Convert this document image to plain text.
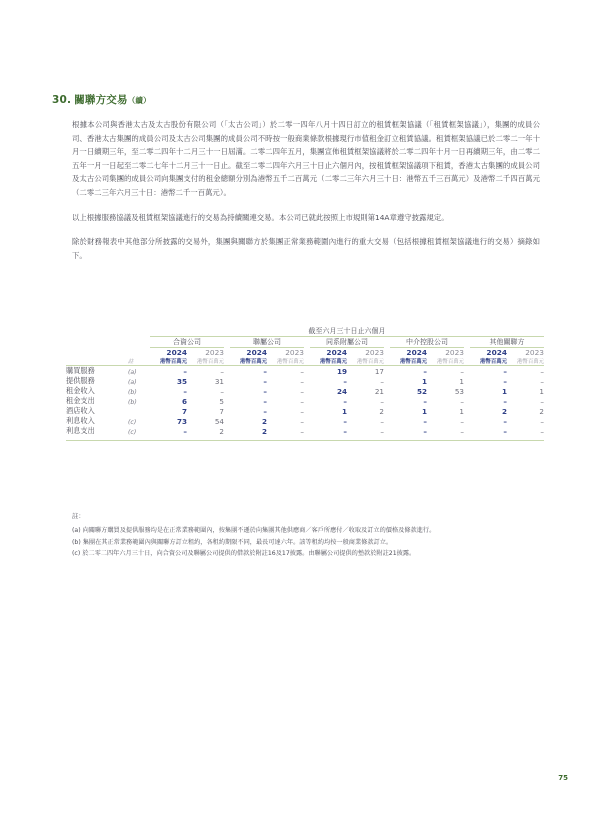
30. 關聯方交易（續）

根據本公司與香港太古及太古股份有限公司（「太古公司」）於二零一四年八月十四日訂立的租賃框架協議（「租賃框架協議」），集團的成員公司、香港太古集團的成員公司及太古公司集團的成員公司不時按一般商業條款根據現行市值租金訂立租賃協議。租賃框架協議已於二零二一年十月一日續期三年，至二零二四年十二月三十一日屆滿。二零二四年五月，集團宣佈租賃框架協議將於二零二四年十月一日再續期三年，由二零二五年一月一日起至二零二七年十二月三十一日止。截至二零二四年六月三十日止六個月內，按租賃框架協議項下租賃，香港太古集團的成員公司及太古公司集團的成員公司向集團支付的租金總額分別為港幣五千二百萬元（二零二三年六月三十日：港幣五千三百萬元）及港幣二千四百萬元（二零二三年六月三十日：港幣二千一百萬元）。

以上根據服務協議及租賃框架協議進行的交易為持續關連交易。本公司已就此按照上市規則第14A章遵守披露規定。

除於財務報表中其他部分所披露的交易外，集團與關聯方於集團正常業務範圍內進行的重大交易（包括根據租賃框架協議進行的交易）摘錄如下。

		截至六月三十日止六個月													

		合資公司			聯屬公司			同系附屬公司			中介控股公司			其他關聯方	

		2024	2023		2024	2023		2024	2023		2024	2023		2024	2023
	註	港幣百萬元	港幣百萬元		港幣百萬元	港幣百萬元		港幣百萬元	港幣百萬元		港幣百萬元	港幣百萬元		港幣百萬元	港幣百萬元

購買服務	(a)	–	–		–	–		19	17		–	–		–	–
提供服務	(a)	35	31		–	–		–	–		1	1		–	–
租金收入	(b)	–	–		–	–		24	21		52	53		1	1
租金支出	(b)	6	5		–	–		–	–		–	–		–	–
酒店收入		7	7		–	–		1	2		1	1		2	2
利息收入	(c)	73	54		2	–		–	–		–	–		–	–
利息支出	(c)	–	2		2	–		–	–		–	–		–	–

註：
(a) 向關聯方購買及提供服務均是在正常業務範圍內，按集團不遜於向集團其他供應商／客戶所應付／收取及訂立的價格及條款進行。
(b) 集團在其正常業務範圍內與關聯方訂立租約，各租約期限不同，最長可達六年。該等租約均按一般商業條款訂立。
(c) 於二零二四年六月三十日，向合資公司及聯屬公司提供的借款於附註16及17披露。由聯屬公司提供的墊款於附註21披露。
75
